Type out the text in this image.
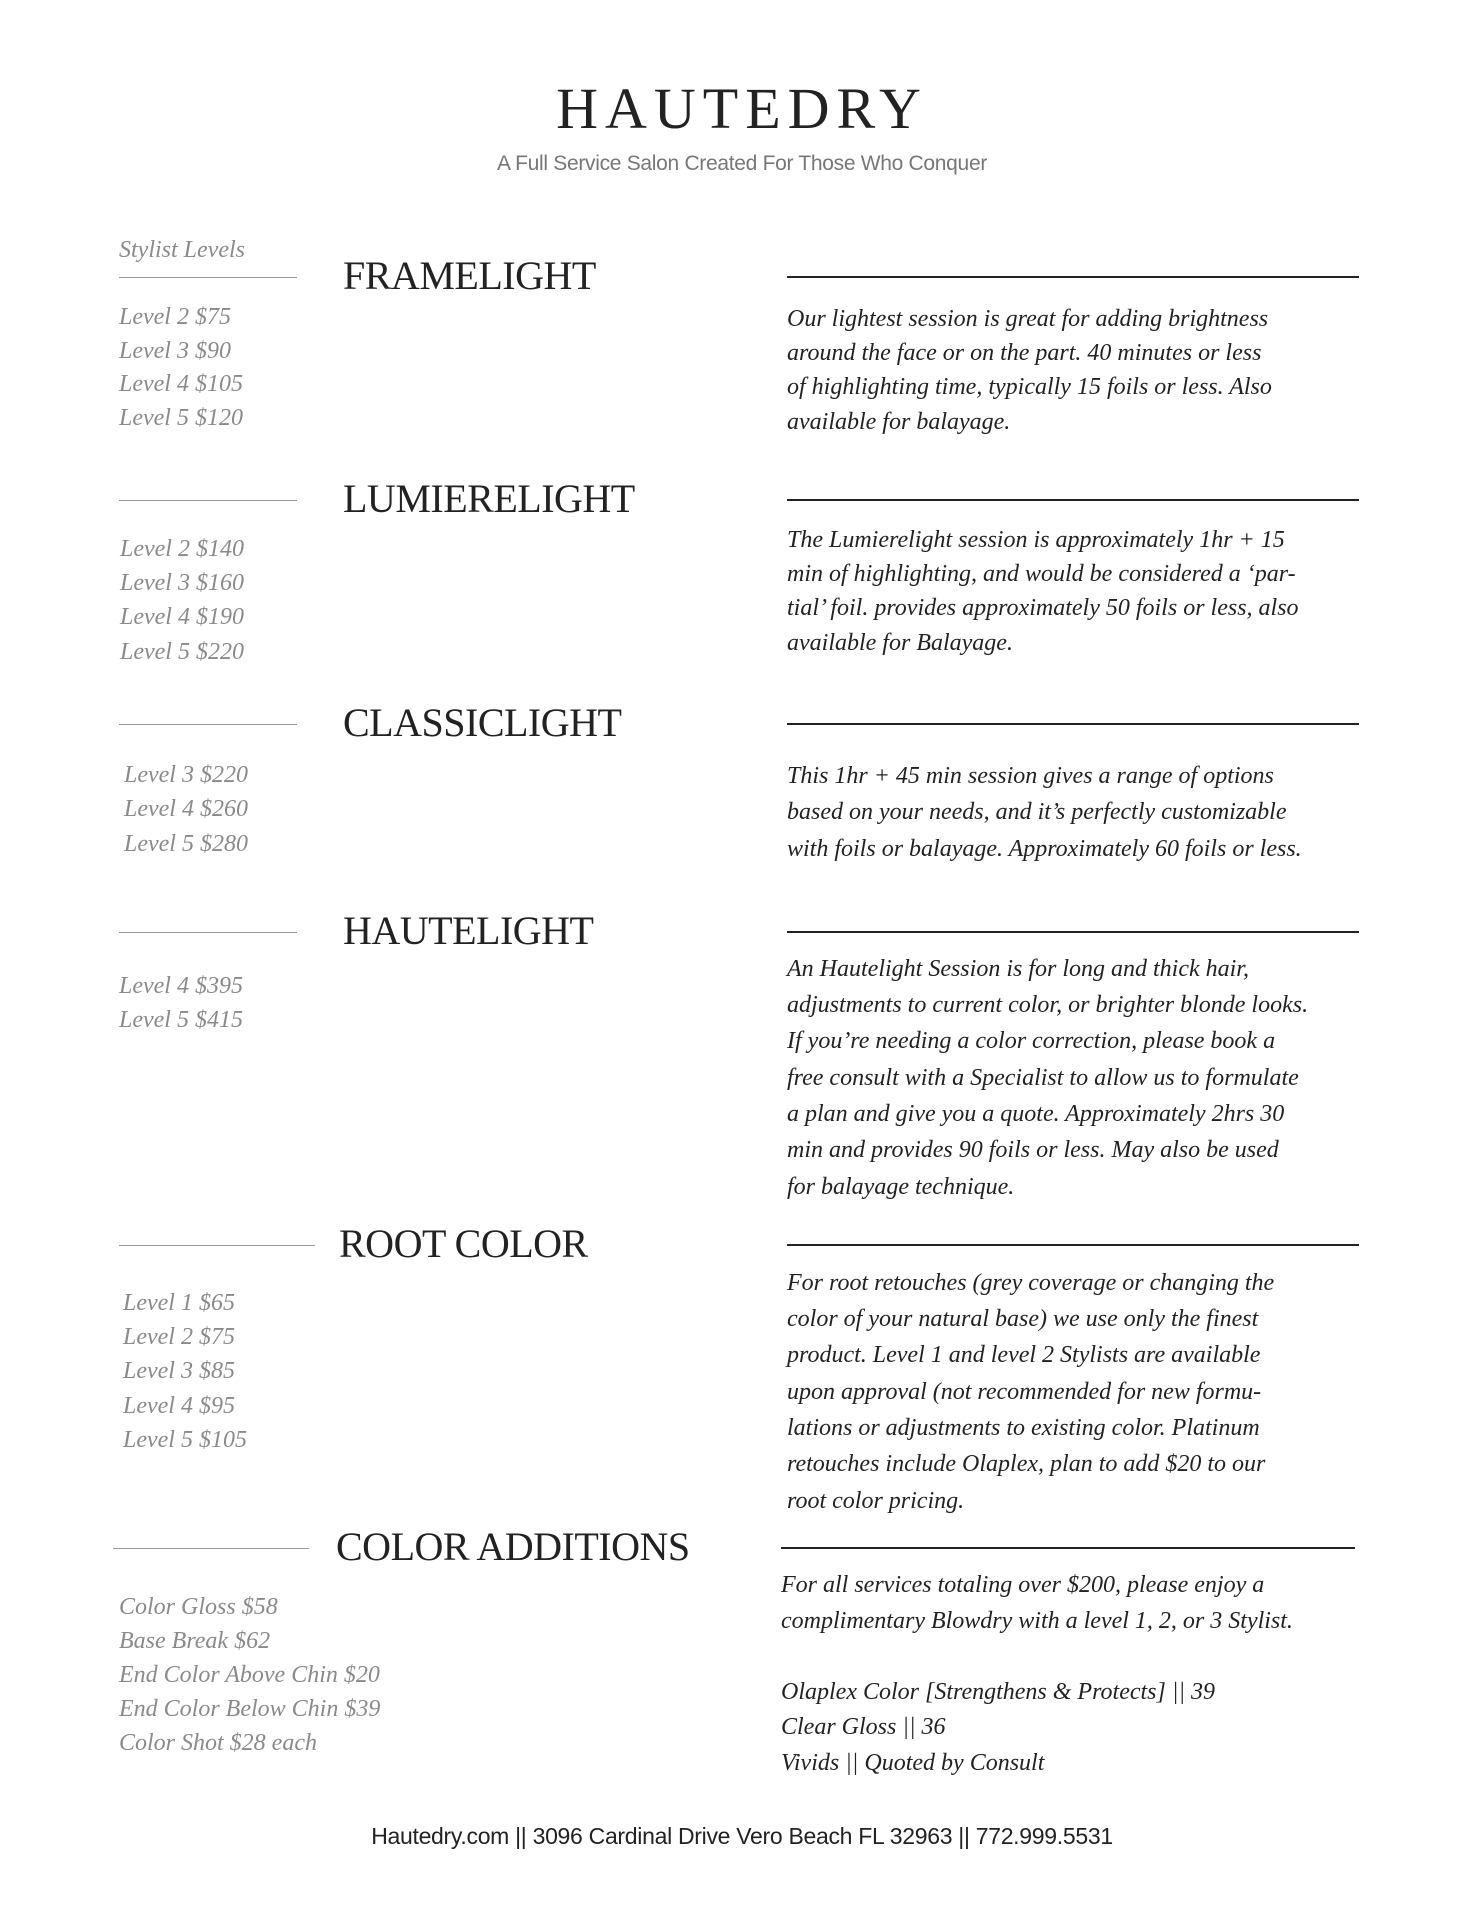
HAUTEDRY
A Full Service Salon Created For Those Who Conquer
Stylist Levels
FRAMELIGHT
Level 2 $75
Level 3 $90
Level 4 $105
Level 5 $120
Our lightest session is great for adding brightness
around the face or on the part. 40 minutes or less
of highlighting time, typically 15 foils or less. Also
available for balayage.
LUMIERELIGHT
Level 2 $140
Level 3 $160
Level 4 $190
Level 5 $220
The Lumierelight session is approximately 1hr + 15
min of highlighting, and would be considered a ‘par-
tial’ foil. provides approximately 50 foils or less, also
available for Balayage.
CLASSICLIGHT
Level 3 $220
Level 4 $260
Level 5 $280
This 1hr + 45 min session gives a range of options
based on your needs, and it’s perfectly customizable
with foils or balayage. Approximately 60 foils or less.
HAUTELIGHT
Level 4 $395
Level 5 $415
An Hautelight Session is for long and thick hair,
adjustments to current color, or brighter blonde looks.
If you’re needing a color correction, please book a
free consult with a Specialist to allow us to formulate
a plan and give you a quote. Approximately 2hrs 30
min and provides 90 foils or less. May also be used
for balayage technique.
ROOT COLOR
Level 1 $65
Level 2 $75
Level 3 $85
Level 4 $95
Level 5 $105
For root retouches (grey coverage or changing the
color of your natural base) we use only the finest
product. Level 1 and level 2 Stylists are available
upon approval (not recommended for new formu-
lations or adjustments to existing color. Platinum
retouches include Olaplex, plan to add $20 to our
root color pricing.
COLOR ADDITIONS
Color Gloss $58
Base Break $62
End Color Above Chin $20
End Color Below Chin $39
Color Shot $28 each
For all services totaling over $200, please enjoy a
complimentary Blowdry with a level 1, 2, or 3 Stylist.
Olaplex Color [Strengthens & Protects] || 39
Clear Gloss || 36
Vivids || Quoted by Consult
Hautedry.com || 3096 Cardinal Drive Vero Beach FL 32963 || 772.999.5531
